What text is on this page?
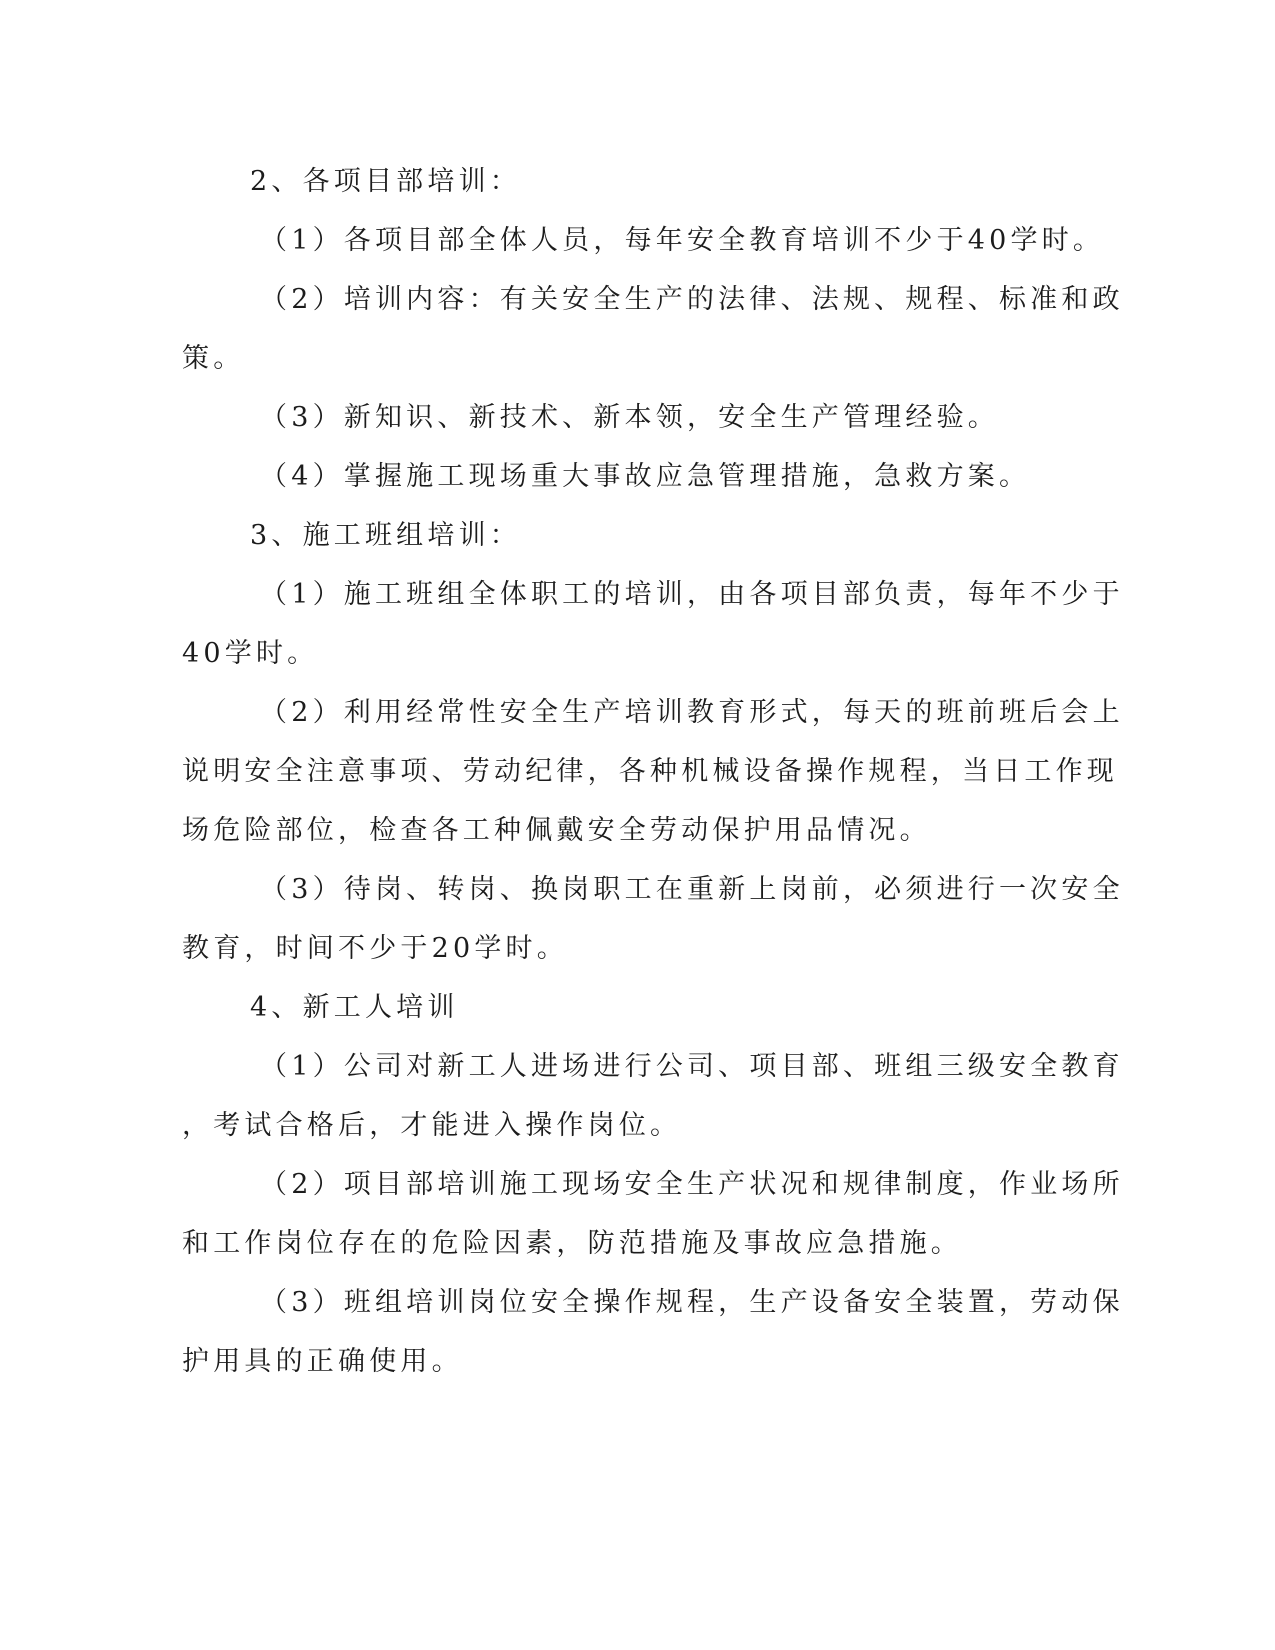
2、各项目部培训：
（1）各项目部全体人员，每年安全教育培训不少于40学时。
（2）培训内容：有关安全生产的法律、法规、规程、标准和政
策。
（3）新知识、新技术、新本领，安全生产管理经验。
（4）掌握施工现场重大事故应急管理措施，急救方案。
3、施工班组培训：
（1）施工班组全体职工的培训，由各项目部负责，每年不少于
40学时。
（2）利用经常性安全生产培训教育形式，每天的班前班后会上
说明安全注意事项、劳动纪律，各种机械设备操作规程，当日工作现
场危险部位，检查各工种佩戴安全劳动保护用品情况。
（3）待岗、转岗、换岗职工在重新上岗前，必须进行一次安全
教育，时间不少于20学时。
4、新工人培训
（1）公司对新工人进场进行公司、项目部、班组三级安全教育
，考试合格后，才能进入操作岗位。
（2）项目部培训施工现场安全生产状况和规律制度，作业场所
和工作岗位存在的危险因素，防范措施及事故应急措施。
（3）班组培训岗位安全操作规程，生产设备安全装置，劳动保
护用具的正确使用。
